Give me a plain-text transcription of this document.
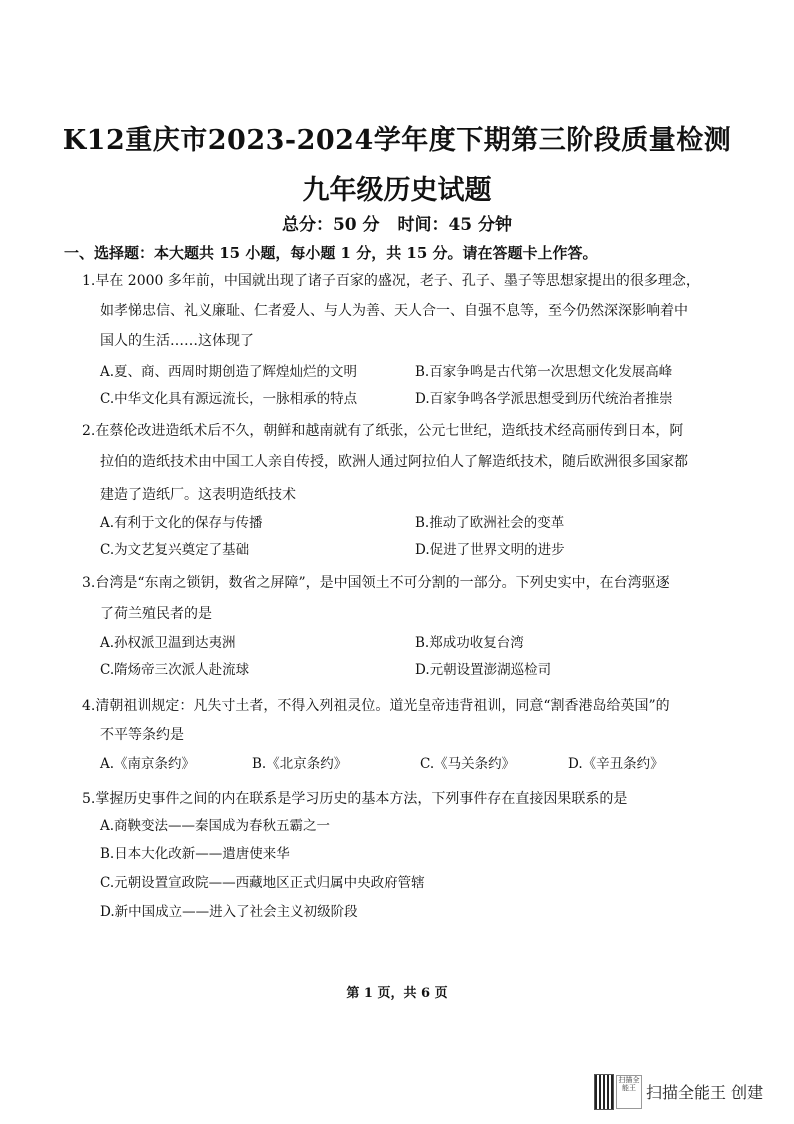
K12重庆市2023-2024学年度下期第三阶段质量检测
九年级历史试题
总分：50 分 时间：45 分钟
一、选择题：本大题共 15 小题，每小题 1 分，共 15 分。请在答题卡上作答。
1.早在 2000 多年前，中国就出现了诸子百家的盛况，老子、孔子、墨子等思想家提出的很多理念，
如孝悌忠信、礼义廉耻、仁者爱人、与人为善、天人合一、自强不息等，至今仍然深深影响着中
国人的生活……这体现了
A.夏、商、西周时期创造了辉煌灿烂的文明	B.百家争鸣是古代第一次思想文化发展高峰
C.中华文化具有源远流长，一脉相承的特点	D.百家争鸣各学派思想受到历代统治者推崇
2.在蔡伦改进造纸术后不久，朝鲜和越南就有了纸张，公元七世纪，造纸技术经高丽传到日本，阿
拉伯的造纸技术由中国工人亲自传授，欧洲人通过阿拉伯人了解造纸技术，随后欧洲很多国家都
建造了造纸厂。这表明造纸技术
A.有利于文化的保存与传播	B.推动了欧洲社会的变革
C.为文艺复兴奠定了基础	D.促进了世界文明的进步
3.台湾是“东南之锁钥，数省之屏障”，是中国领土不可分割的一部分。下列史实中，在台湾驱逐
了荷兰殖民者的是
A.孙权派卫温到达夷洲	B.郑成功收复台湾
C.隋炀帝三次派人赴流球	D.元朝设置澎湖巡检司
4.清朝祖训规定：凡失寸土者，不得入列祖灵位。道光皇帝违背祖训，同意“割香港岛给英国”的
不平等条约是
A.《南京条约》	B.《北京条约》	C.《马关条约》	D.《辛丑条约》
5.掌握历史事件之间的内在联系是学习历史的基本方法，下列事件存在直接因果联系的是
A.商鞅变法——秦国成为春秋五霸之一
B.日本大化改新——遣唐使来华
C.元朝设置宣政院——西藏地区正式归属中央政府管辖
D.新中国成立——进入了社会主义初级阶段
第 1 页，共 6 页
扫描全能王 扫描全能王 创建
